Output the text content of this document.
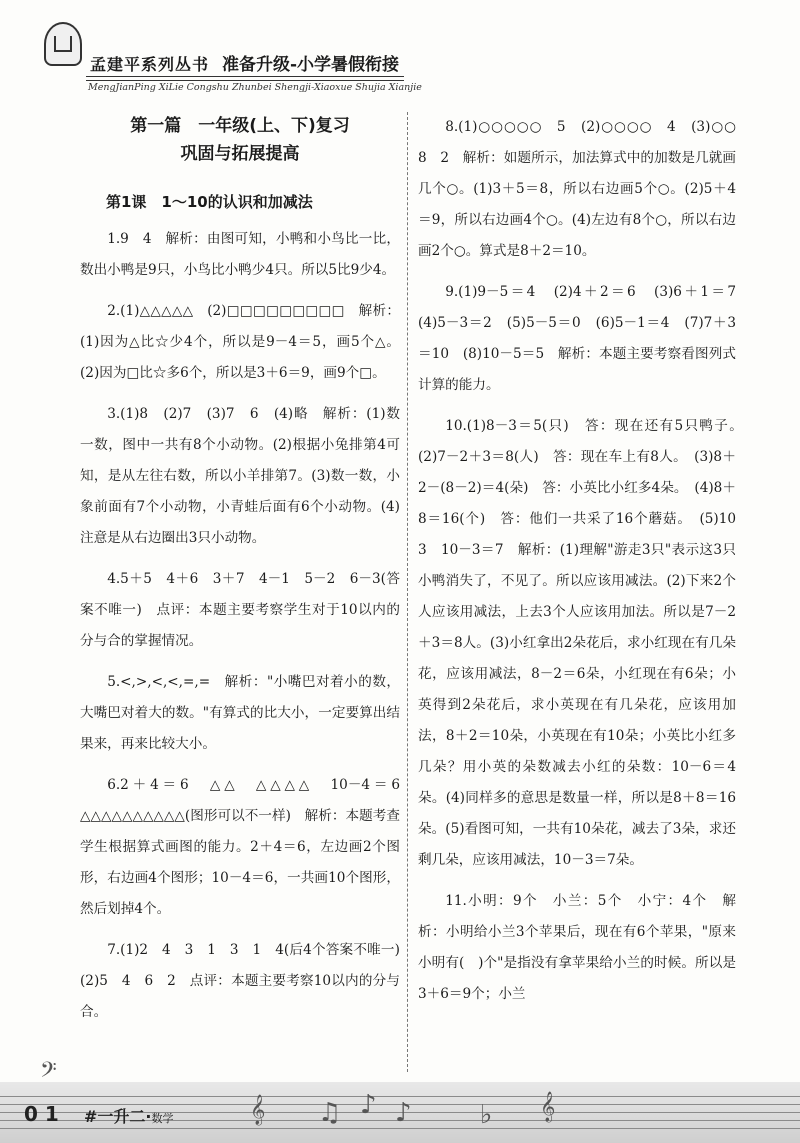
孟建平系列丛书 准备升级-小学暑假衔接
MengJianPing XiLie Congshu Zhunbei Shengji-Xiaoxue Shujia Xianjie
第一篇　一年级(上、下)复习
巩固与拓展提高
第1课　1～10的认识和加减法

1.9　4　解析：由图可知，小鸭和小鸟比一比，数出小鸭是9只，小鸟比小鸭少4只。所以5比9少4。

2.(1)△△△△△　(2)□□□□□□□□□　解析：(1)因为△比☆少4个，所以是9－4＝5，画5个△。(2)因为□比☆多6个，所以是3＋6＝9，画9个□。

3.(1)8　(2)7　(3)7　6　(4)略　解析：(1)数一数，图中一共有8个小动物。(2)根据小兔排第4可知，是从左往右数，所以小羊排第7。(3)数一数，小象前面有7个小动物，小青蛙后面有6个小动物。(4)注意是从右边圈出3只小动物。

4.5＋5　4＋6　3＋7　4－1　5－2　6－3(答案不唯一)　点评：本题主要考察学生对于10以内的分与合的掌握情况。

5.<,>,<,<,=,=　解析："小嘴巴对着小的数，大嘴巴对着大的数。"有算式的比大小，一定要算出结果来，再来比较大小。

6.2＋4＝6　△△　△△△△　10－4＝6　△△△△△△△△△△(图形可以不一样)　解析：本题考查学生根据算式画图的能力。2＋4＝6，左边画2个图形，右边画4个图形；10－4＝6，一共画10个图形，然后划掉4个。

7.(1)2　4　3　1　3　1　4(后4个答案不唯一)　(2)5　4　6　2　点评：本题主要考察10以内的分与合。

8.(1)○○○○○　5　(2)○○○○　4　(3)○○　8　2　解析：如题所示，加法算式中的加数是几就画几个○。(1)3＋5＝8，所以右边画5个○。(2)5＋4＝9，所以右边画4个○。(4)左边有8个○，所以右边画2个○。算式是8＋2＝10。

9.(1)9－5＝4　(2)4＋2＝6　(3)6＋1＝7　(4)5－3＝2　(5)5－5＝0　(6)5－1＝4　(7)7＋3＝10　(8)10－5＝5　解析：本题主要考察看图列式计算的能力。

10.(1)8－3＝5(只)　答：现在还有5只鸭子。　(2)7－2＋3＝8(人)　答：现在车上有8人。　(3)8＋2－(8－2)＝4(朵)　答：小英比小红多4朵。　(4)8＋8＝16(个)　答：他们一共采了16个蘑菇。　(5)10　3　10－3＝7　解析：(1)理解"游走3只"表示这3只小鸭消失了，不见了。所以应该用减法。(2)下来2个人应该用减法，上去3个人应该用加法。所以是7－2＋3＝8人。(3)小红拿出2朵花后，求小红现在有几朵花，应该用减法，8－2＝6朵，小红现在有6朵；小英得到2朵花后，求小英现在有几朵花，应该用加法，8＋2＝10朵，小英现在有10朵；小英比小红多几朵？用小英的朵数减去小红的朵数：10－6＝4朵。(4)同样多的意思是数量一样，所以是8＋8＝16朵。(5)看图可知，一共有10朵花，减去了3朵，求还剩几朵，应该用减法，10－3＝7朵。

11.小明：9个　小兰：5个　小宁：4个　解析：小明给小兰3个苹果后，现在有6个苹果，"原来小明有(　)个"是指没有拿苹果给小兰的时候。所以是3＋6＝9个；小兰

𝄞 ♫ ♪ ♪	♭ 𝄞
𝄢
0 1 #一升二·数学
